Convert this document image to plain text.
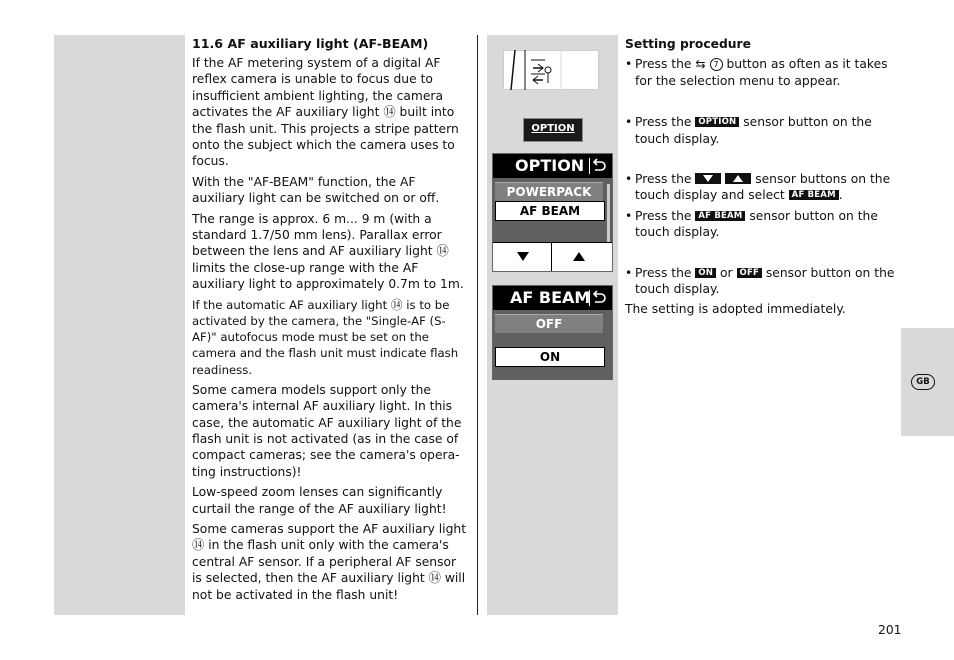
11.6 AF auxiliary light (AF-BEAM)

If the AF metering system of a digital AF reflex camera is unable to focus due to insufficient ambient lighting, the camera activates the AF auxiliary light ⑭ built into the flash unit. This projects a stripe pattern onto the subject which the camera uses to focus.

With the "AF-BEAM" function, the AF auxiliary light can be switched on or off.

The range is approx. 6 m... 9 m (with a standard 1.7/50 mm lens). Parallax error between the lens and AF auxiliary light ⑭ limits the close-up range with the AF auxiliary light to approximately 0.7m to 1m.

If the automatic AF auxiliary light ⑭ is to be activated by the camera, the "Single-AF (S-AF)" autofocus mode must be set on the camera and the flash unit must indicate flash readiness.

Some camera models support only the camera's internal AF auxiliary light. In this case, the automatic AF auxiliary light of the flash unit is not activated (as in the case of compact cameras; see the camera's opera-ting instructions)!

Low-speed zoom lenses can significantly curtail the range of the AF auxiliary light!

Some cameras support the AF auxiliary light ⑭ in the flash unit only with the camera's central AF sensor. If a peripheral AF sensor is selected, then the AF auxiliary light ⑭ will not be activated in the flash unit!

OPTION
OPTION
POWERPACK
AF BEAM
AF BEAM
OFF
ON
Setting procedure

• Press the ⇆ 7 button as often as it takes for the selection menu to appear.

• Press the OPTION sensor button on the touch display.

• Press the
	sensor buttons on the touch display and select AF BEAM .

• Press the AF BEAM sensor button on the touch display.

• Press the ON or OFF sensor button on the touch display.

The setting is adopted immediately.

GB
201
